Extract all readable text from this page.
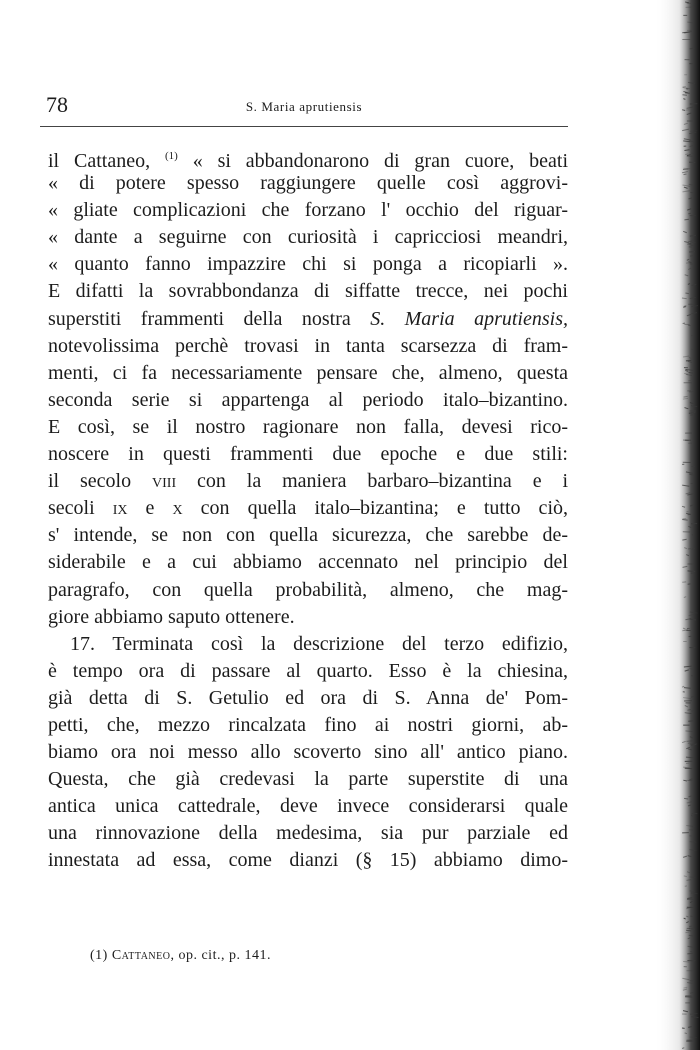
78	S. Maria aprutiensis
il Cattaneo, $^{(1)}$ « si abbandonarono di gran cuore, beati
« di potere spesso raggiungere quelle così aggrovi-
« gliate complicazioni che forzano l' occhio del riguar-
« dante a seguirne con curiosità i capricciosi meandri,
« quanto fanno impazzire chi si ponga a ricopiarli ».
E difatti la sovrabbondanza di siffatte trecce, nei pochi
superstiti frammenti della nostra S. Maria aprutiensis,
notevolissima perchè trovasi in tanta scarsezza di fram-
menti, ci fa necessariamente pensare che, almeno, questa
seconda serie si appartenga al periodo italo–bizantino.
E così, se il nostro ragionare non falla, devesi rico-
noscere in questi frammenti due epoche e due stili:
il secolo viii con la maniera barbaro–bizantina e i
secoli ix e x con quella italo–bizantina; e tutto ciò,
s' intende, se non con quella sicurezza, che sarebbe de-
siderabile e a cui abbiamo accennato nel principio del
paragrafo, con quella probabilità, almeno, che mag-
giore abbiamo saputo ottenere.
17. Terminata così la descrizione del terzo edifizio,
è tempo ora di passare al quarto. Esso è la chiesina,
già detta di S. Getulio ed ora di S. Anna de' Pom-
petti, che, mezzo rincalzata fino ai nostri giorni, ab-
biamo ora noi messo allo scoverto sino all' antico piano.
Questa, che già credevasi la parte superstite di una
antica unica cattedrale, deve invece considerarsi quale
una rinnovazione della medesima, sia pur parziale ed
innestata ad essa, come dianzi (§ 15) abbiamo dimo-
(1) Cattaneo, op. cit., p. 141.
